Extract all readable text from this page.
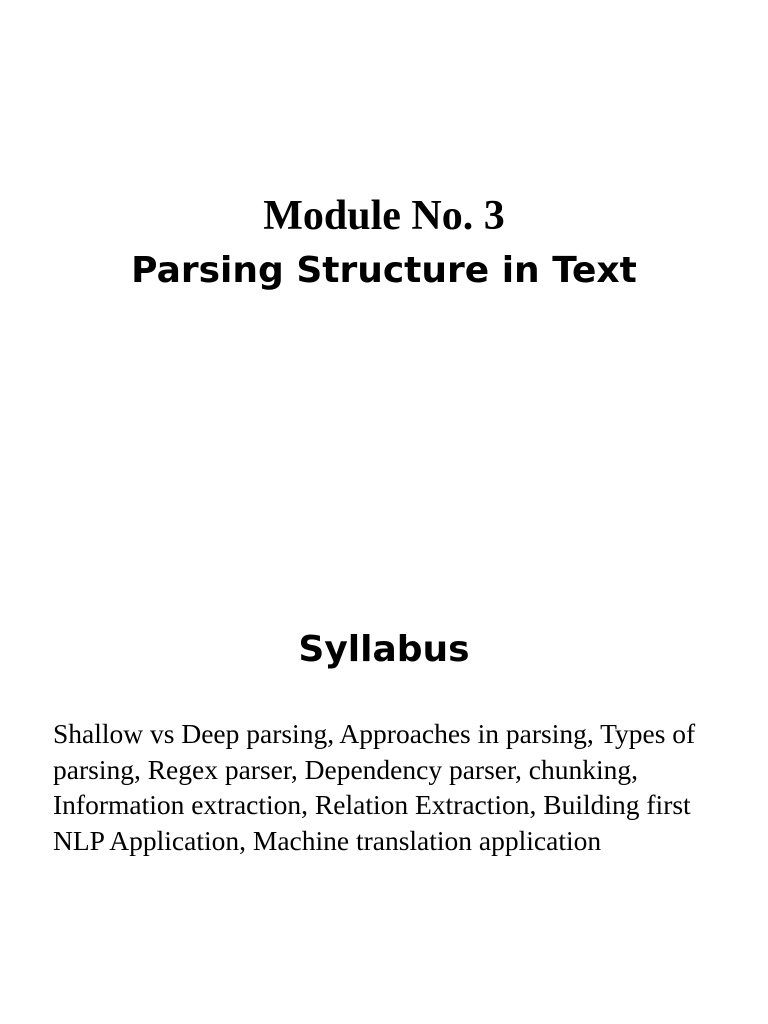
Module No. 3
Parsing Structure in Text
Syllabus

Shallow vs Deep parsing, Approaches in parsing, Types of parsing, Regex parser, Dependency parser, chunking, Information extraction, Relation Extraction, Building first NLP Application, Machine translation application
